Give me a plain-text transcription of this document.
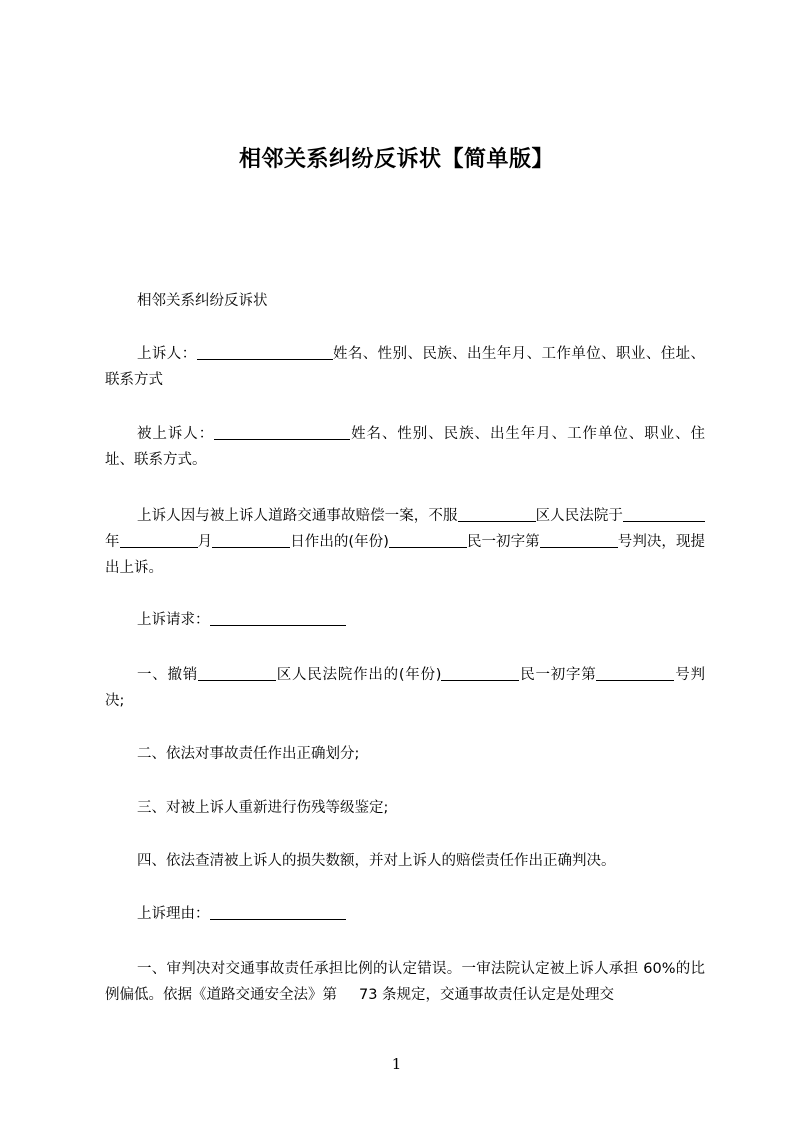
相邻关系纠纷反诉状【简单版】
相邻关系纠纷反诉状
上诉人：	姓名、性别、民族、出生年月、工作单位、职业、住址、联系方式
被上诉人：	姓名、性别、民族、出生年月、工作单位、职业、住址、联系方式。
上诉人因与被上诉人道路交通事故赔偿一案，不服	区人民法院于年	月	日作出的(年份)	民一初字第	号判决，现提出上诉。
上诉请求：
一、撤销	区人民法院作出的(年份)	民一初字第	号判决;
二、依法对事故责任作出正确划分;
三、对被上诉人重新进行伤残等级鉴定;
四、依法查清被上诉人的损失数额，并对上诉人的赔偿责任作出正确判决。
上诉理由：
一、审判决对交通事故责任承担比例的认定错误。一审法院认定被上诉人承担 60%的比例偏低。依据《道路交通安全法》第 73 条规定，交通事故责任认定是处理交
1
